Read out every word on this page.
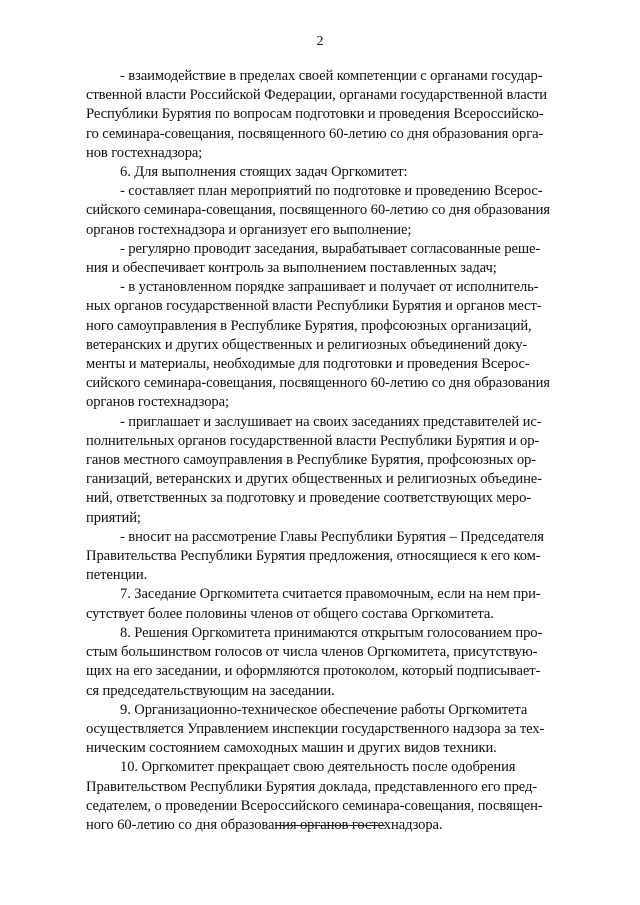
2

- взаимодействие в пределах своей компетенции с органами государ-
ственной власти Российской Федерации, органами государственной власти
Республики Бурятия по вопросам подготовки и проведения Всероссийско-
го семинара-совещания, посвященного 60-летию со дня образования орга-
нов гостехнадзора;

6. Для выполнения стоящих задач Оргкомитет:

- составляет план мероприятий по подготовке и проведению Всерос-
сийского семинара-совещания, посвященного 60-летию со дня образования
органов гостехнадзора и организует его выполнение;

- регулярно проводит заседания, вырабатывает согласованные реше-
ния и обеспечивает контроль за выполнением поставленных задач;

- в установленном порядке запрашивает и получает от исполнитель-
ных органов государственной власти Республики Бурятия и органов мест-
ного самоуправления в Республике Бурятия, профсоюзных организаций,
ветеранских и других общественных и религиозных объединений доку-
менты и материалы, необходимые для подготовки и проведения Всерос-
сийского семинара-совещания, посвященного 60-летию со дня образования
органов гостехнадзора;

- приглашает и заслушивает на своих заседаниях представителей ис-
полнительных органов государственной власти Республики Бурятия и ор-
ганов местного самоуправления в Республике Бурятия, профсоюзных ор-
ганизаций, ветеранских и других общественных и религиозных объедине-
ний, ответственных за подготовку и проведение соответствующих меро-
приятий;

- вносит на рассмотрение Главы Республики Бурятия – Председателя
Правительства Республики Бурятия предложения, относящиеся к его ком-
петенции.

7. Заседание Оргкомитета считается правомочным, если на нем при-
сутствует более половины членов от общего состава Оргкомитета.

8. Решения Оргкомитета принимаются открытым голосованием про-
стым большинством голосов от числа членов Оргкомитета, присутствую-
щих на его заседании, и оформляются протоколом, который подписывает-
ся председательствующим на заседании.

9. Организационно-техническое обеспечение работы Оргкомитета
осуществляется Управлением инспекции государственного надзора за тех-
ническим состоянием самоходных машин и других видов техники.

10. Оргкомитет прекращает свою деятельность после одобрения
Правительством Республики Бурятия доклада, представленного его пред-
седателем, о проведении Всероссийского семинара-совещания, посвящен-
ного 60-летию со дня образования органов гостехнадзора.
